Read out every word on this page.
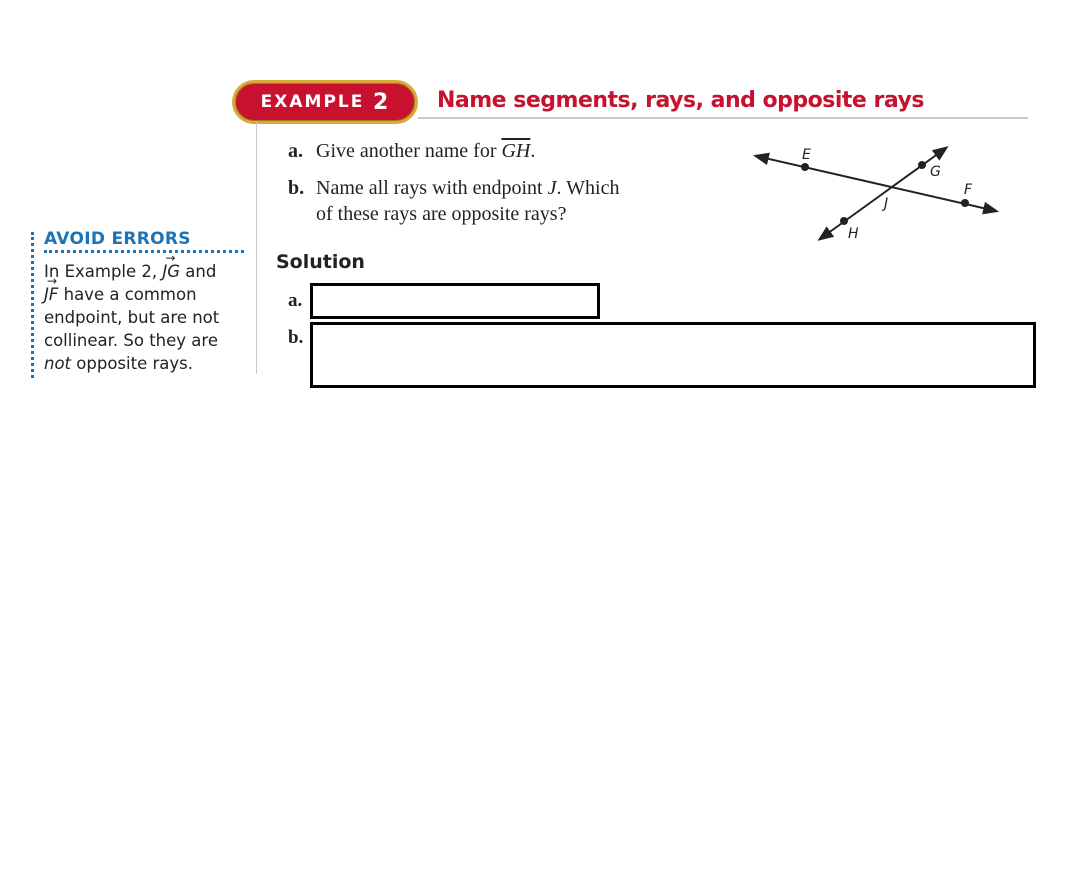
EXAMPLE
2 Name segments, rays, and opposite rays
a. Give another name for $\overline{GH}$.
b. Name all rays with endpoint J. Which
of these rays are opposite rays?
E
G
F
J
H
AVOID ERRORS
In Example 2, → JG and
→ JF have a common
endpoint, but are not
collinear. So they are
not opposite rays.
Solution
a.
b.
